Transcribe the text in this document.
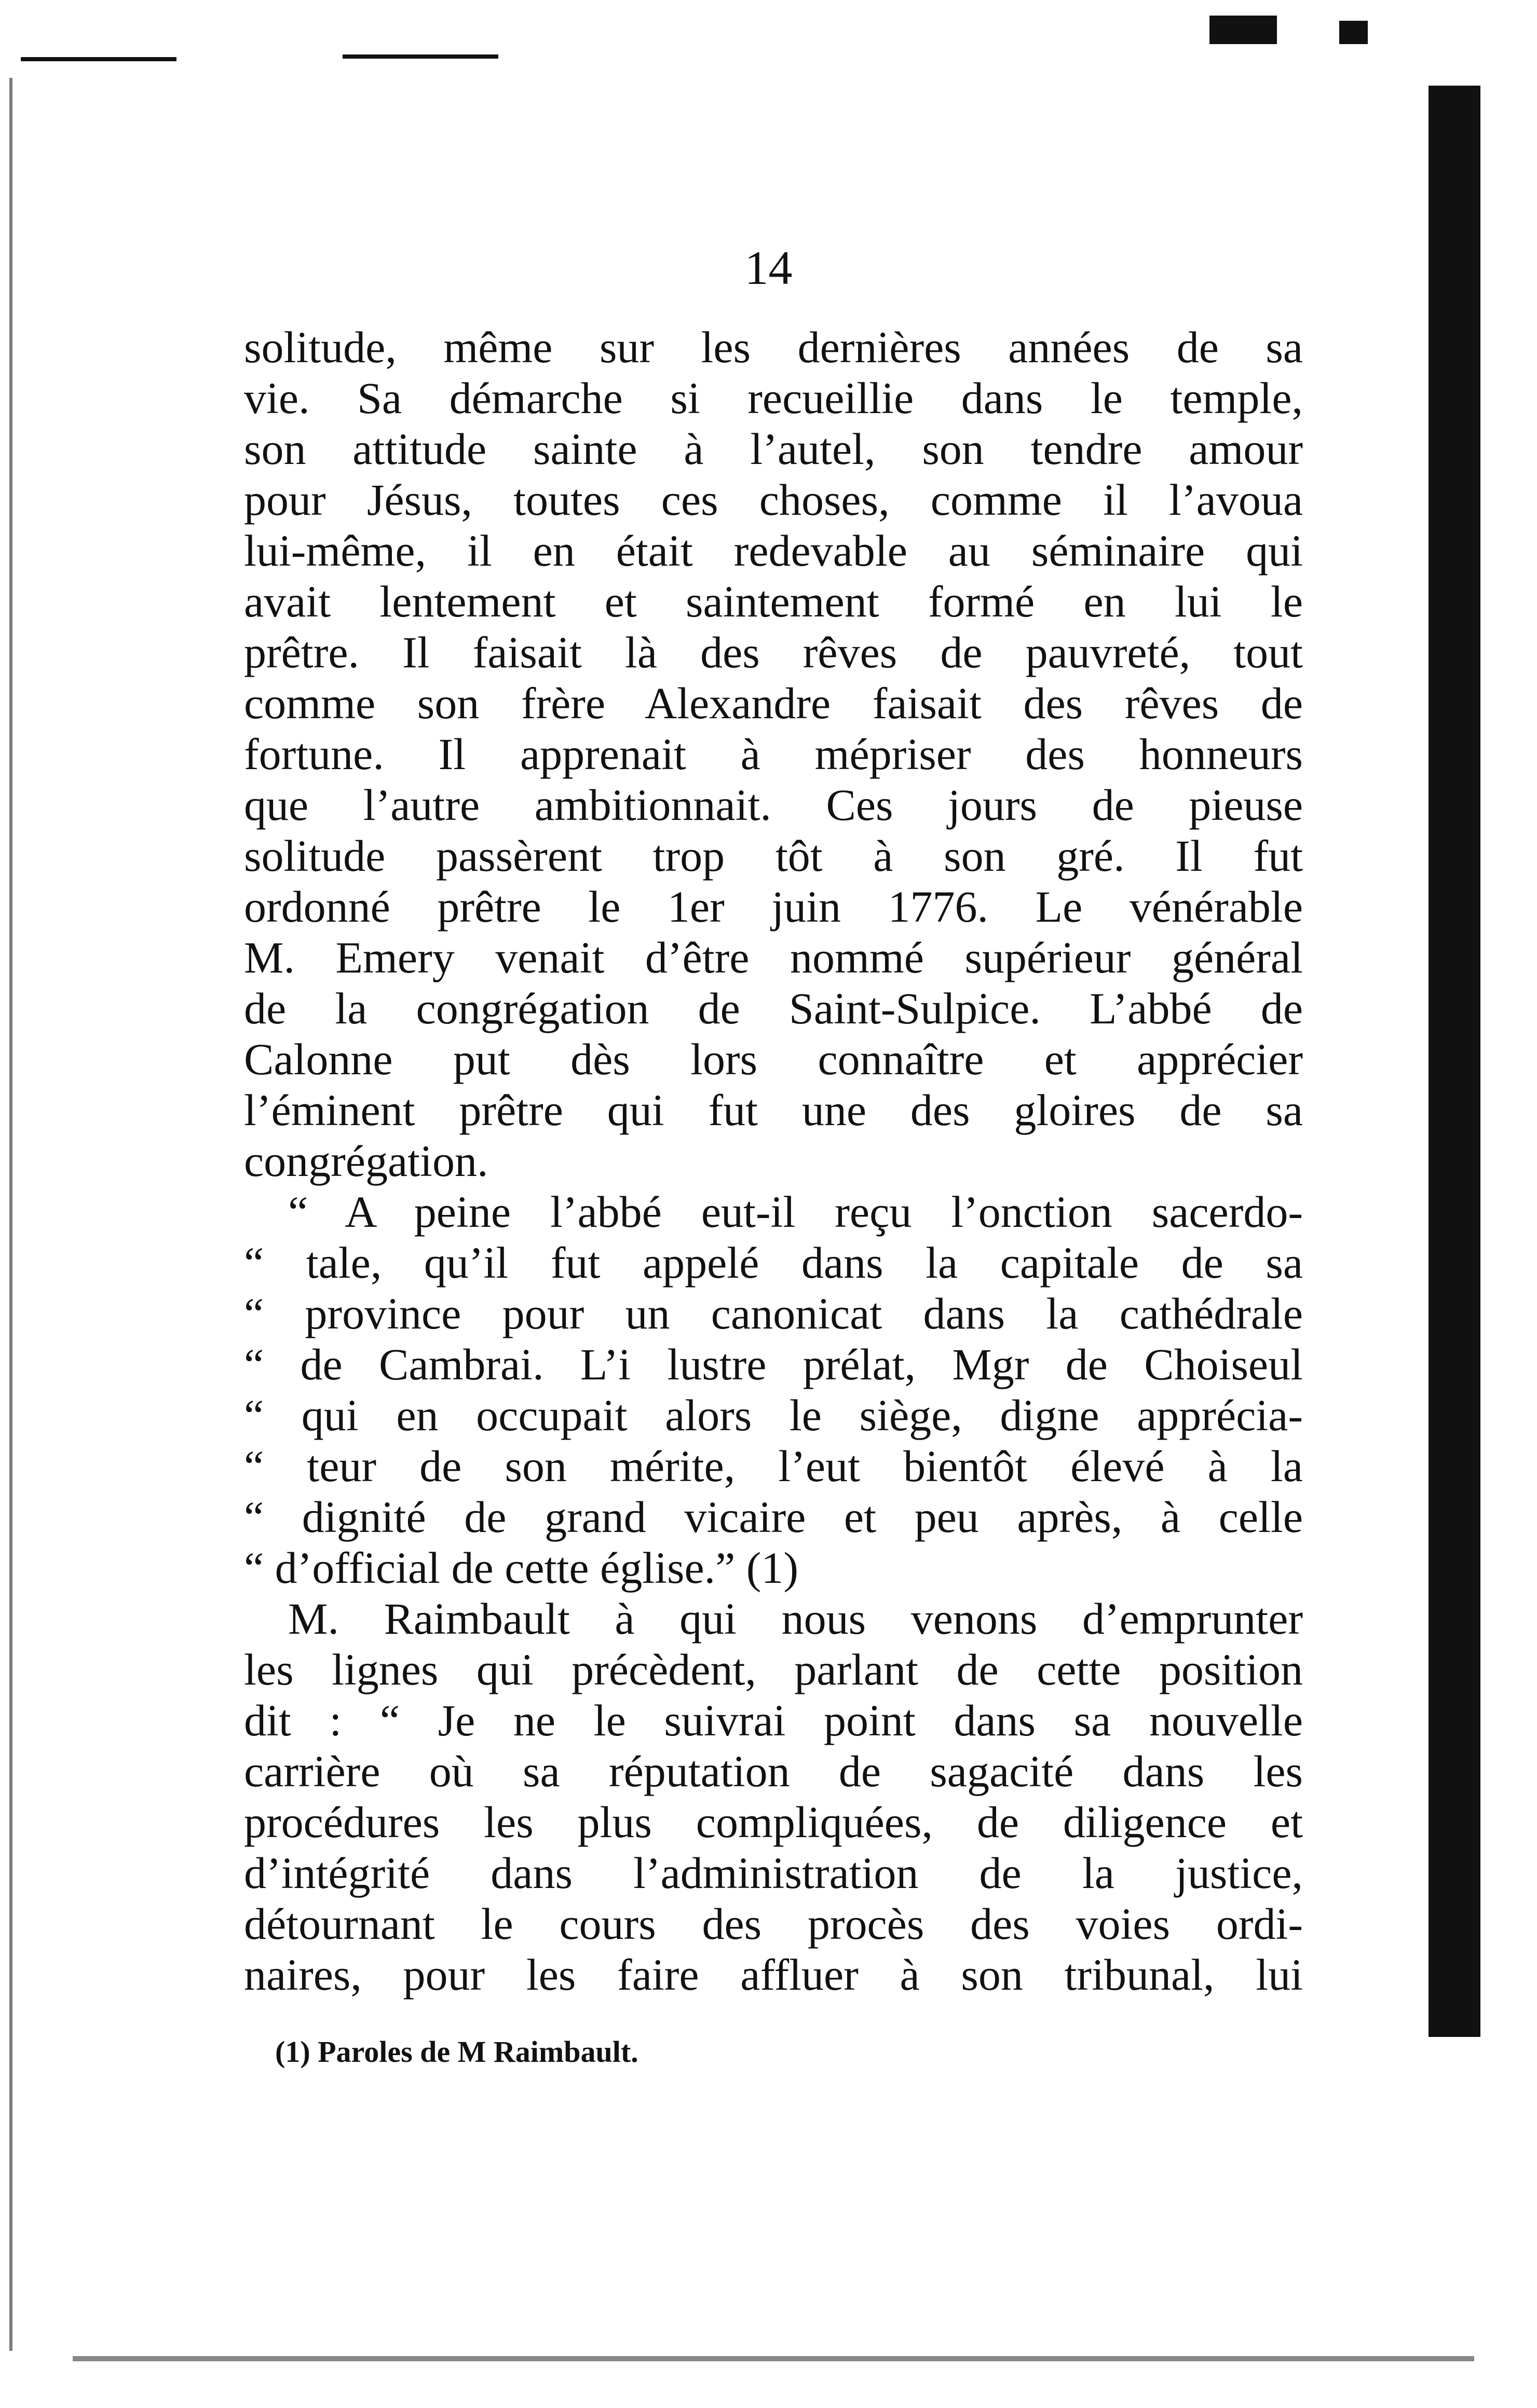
14
solitude, même sur les dernières annéеs de sa
vie. Sa démarche si recueillie dans le temple,
son attitude sainte à l’autel, son tendre amour
pour Jésus, toutes ces choses, comme il l’avoua
lui-même, il en était redevable au séminaire qui
avait lentement et saintement formé en lui le
prêtre. Il faisait là des rêves de pauvreté, tout
comme son frère Alexandre faisait des rêves de
fortune. Il apprenait à mépriser des honneurs
que l’autre ambitionnait. Ces jours de pieuse
solitude passèrent trop tôt à son gré. Il fut
ordonné prêtre le 1er juin 1776. Le vénérable
M. Emery venait d’être nommé supérieur général
de la congrégation de Saint-Sulpice. L’abbé de
Calonne put dès lors connaître et apprécier
l’éminent prêtre qui fut une des gloires de sa
congrégation.
“ A peine l’abbé eut-il reçu l’onction sacerdo-
“ tale, qu’il fut appelé dans la capitale de sa
“ province pour un canonicat dans la cathédrale
“ de Cambrai. L’i lustre prélat, Mgr de Choiseul
“ qui en occupait alors le siège, digne apprécia-
“ teur de son mérite, l’eut bientôt élevé à la
“ dignité de grand vicaire et peu après, à celle
“ d’official de cette église.” (1)
M. Raimbault à qui nous venons d’emprunter
les lignes qui précèdent, parlant de cette position
dit : “ Je ne le suivrai point dans sa nouvelle
carrière où sa réputation de sagacité dans les
procédures les plus compliquées, de diligence et
d’intégrité dans l’administration de la justice,
détournant le cours des procès des voies ordi-
naires, pour les faire affluer à son tribunal, lui
(1) Paroles de M Raimbault.
